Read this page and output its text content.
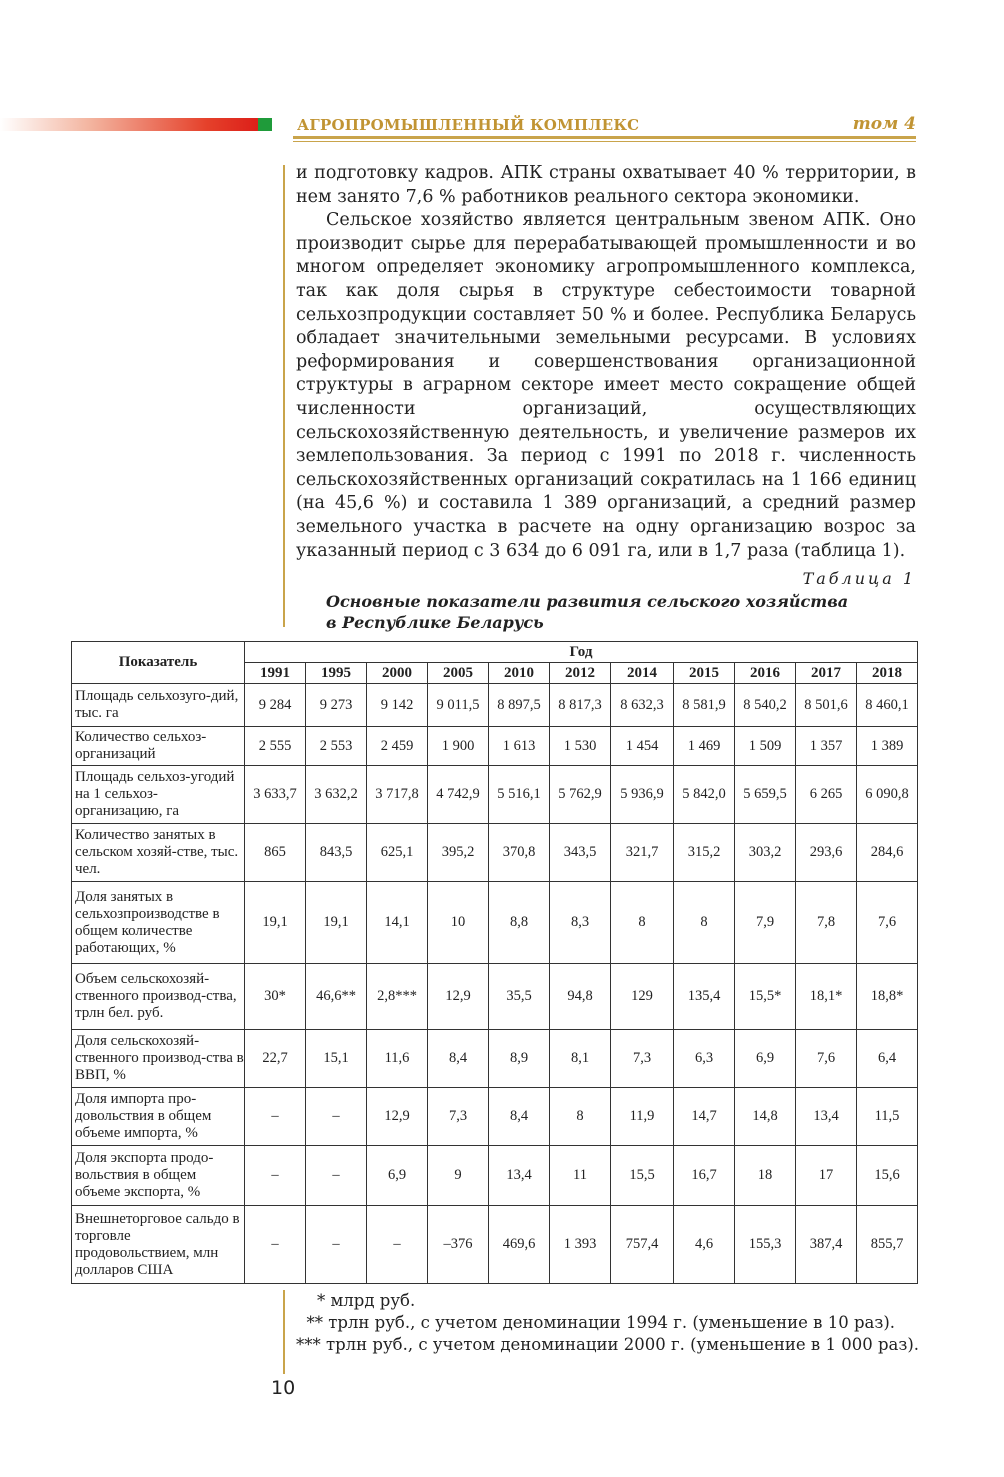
АГРОПРОМЫШЛЕННЫЙ КОМПЛЕКС	том 4

и подготовку кадров. АПК страны охватывает 40 % территории, в нем занято 7,6 % работников реального сектора экономики.

Сельское хозяйство является центральным звеном АПК. Оно производит сырье для перерабатывающей промышленности и во многом определяет экономику агропромышленного комплекса, так как доля сырья в структуре себестоимости товарной сельхозпродукции составляет 50 % и более. Республика Беларусь обладает значительными земельными ресурсами. В условиях реформирования и совершенствования организационной структуры в аграрном секторе имеет место сокращение общей численности организаций, осуществляющих сельскохозяйственную деятельность, и увеличение размеров их землепользования. За период с 1991 по 2018 г. численность сельскохозяйственных организаций сократилась на 1 166 единиц (на 45,6 %) и составила 1 389 организаций, а средний размер земельного участка в расчете на одну организацию возрос за указанный период с 3 634 до 6 091 га, или в 1,7 раза (таблица 1).

Таблица 1
Основные показатели развития сельского хозяйства
в Республике Беларусь
Показатель	Год										
	1991	1995	2000	2005	2010	2012	2014	2015	2016	2017	2018
Площадь сельхозуго-дий, тыс. га	9 284	9 273	9 142	9 011,5	8 897,5	8 817,3	8 632,3	8 581,9	8 540,2	8 501,6	8 460,1
Количество сельхоз-организаций	2 555	2 553	2 459	1 900	1 613	1 530	1 454	1 469	1 509	1 357	1 389
Площадь сельхоз-угодий на 1 сельхоз-организацию, га	3 633,7	3 632,2	3 717,8	4 742,9	5 516,1	5 762,9	5 936,9	5 842,0	5 659,5	6 265	6 090,8
Количество занятых в сельском хозяй-стве, тыс. чел.	865	843,5	625,1	395,2	370,8	343,5	321,7	315,2	303,2	293,6	284,6
Доля занятых в сельхозпроизводстве в общем количестве работающих, %	19,1	19,1	14,1	10	8,8	8,3	8	8	7,9	7,8	7,6
Объем сельскохозяй-ственного производ-ства, трлн бел. руб.	30*	46,6**	2,8***	12,9	35,5	94,8	129	135,4	15,5*	18,1*	18,8*
Доля сельскохозяй-ственного производ-ства в ВВП, %	22,7	15,1	11,6	8,4	8,9	8,1	7,3	6,3	6,9	7,6	6,4
Доля импорта про-довольствия в общем объеме импорта, %	–	–	12,9	7,3	8,4	8	11,9	14,7	14,8	13,4	11,5
Доля экспорта продо-вольствия в общем объеме экспорта, %	–	–	6,9	9	13,4	11	15,5	16,7	18	17	15,6
Внешнеторговое сальдо в торговле продовольствием, млн долларов США	–	–	–	–376	469,6	1 393	757,4	4,6	155,3	387,4	855,7
* млрд руб.
** трлн руб., с учетом деноминации 1994 г. (уменьшение в 10 раз).
*** трлн руб., с учетом деноминации 2000 г. (уменьшение в 1 000 раз).
10
